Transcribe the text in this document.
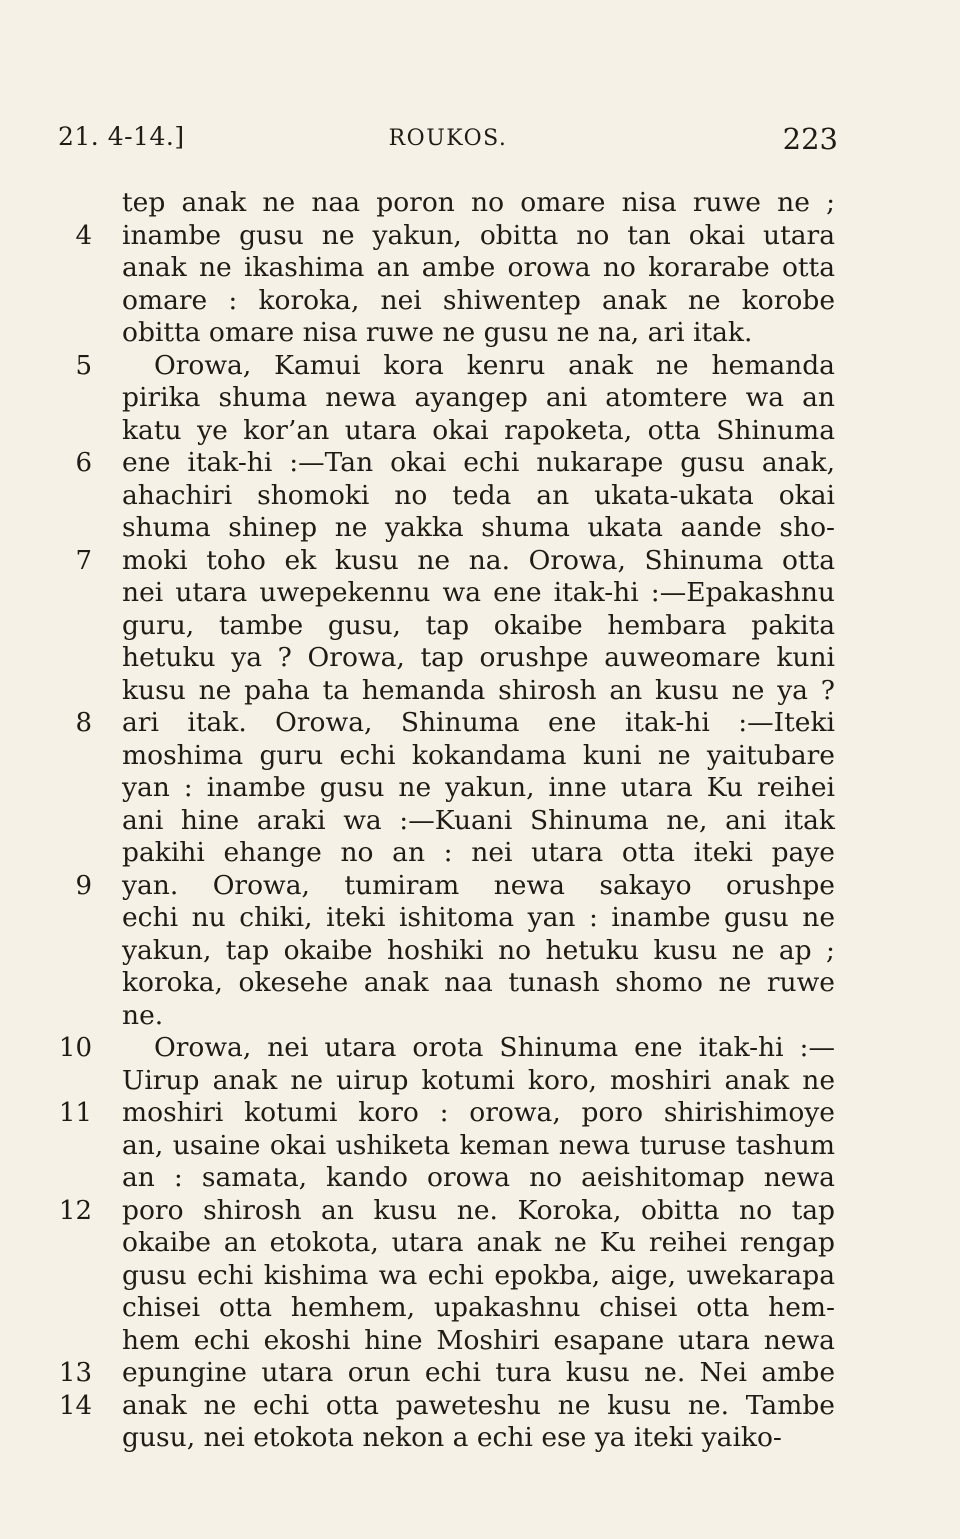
21. 4-14.]	ROUKOS.	223
tep anak ne naa poron no omare nisa ruwe ne ;
4 inambe gusu ne yakun, obitta no tan okai utara
anak ne ikashima an ambe orowa no korarabe otta
omare : koroka, nei shiwentep anak ne korobe
obitta omare nisa ruwe ne gusu ne na, ari itak.
5 Orowa, Kamui kora kenru anak ne hemanda
pirika shuma newa ayangep ani atomtere wa an
katu ye kor’an utara okai rapoketa, otta Shinuma
6 ene itak-hi :—Tan okai echi nukarape gusu anak,
ahachiri shomoki no teda an ukata-ukata okai
shuma shinep ne yakka shuma ukata aande sho-
7 moki toho ek kusu ne na. Orowa, Shinuma otta
nei utara uwepekennu wa ene itak-hi :—Epakashnu
guru, tambe gusu, tap okaibe hembara pakita
hetuku ya ? Orowa, tap orushpe auweomare kuni
kusu ne paha ta hemanda shirosh an kusu ne ya ?
8 ari itak. Orowa, Shinuma ene itak-hi :—Iteki
moshima guru echi kokandama kuni ne yaitubare
yan : inambe gusu ne yakun, inne utara Ku reihei
ani hine araki wa :—Kuani Shinuma ne, ani itak
pakihi ehange no an : nei utara otta iteki paye
9 yan. Orowa, tumiram newa sakayo orushpe
echi nu chiki, iteki ishitoma yan : inambe gusu ne
yakun, tap okaibe hoshiki no hetuku kusu ne ap ;
koroka, okesehe anak naa tunash shomo ne ruwe
ne.
10 Orowa, nei utara orota Shinuma ene itak-hi :—
Uirup anak ne uirup kotumi koro, moshiri anak ne
11 moshiri kotumi koro : orowa, poro shirishimoye
an, usaine okai ushiketa keman newa turuse tashum
an : samata, kando orowa no aeishitomap newa
12 poro shirosh an kusu ne. Koroka, obitta no tap
okaibe an etokota, utara anak ne Ku reihei rengap
gusu echi kishima wa echi epokba, aige, uwekarapa
chisei otta hemhem, upakashnu chisei otta hem-
hem echi ekoshi hine Moshiri esapane utara newa
13 epungine utara orun echi tura kusu ne. Nei ambe
14 anak ne echi otta paweteshu ne kusu ne. Tambe
gusu, nei etokota nekon a echi ese ya iteki yaiko-
